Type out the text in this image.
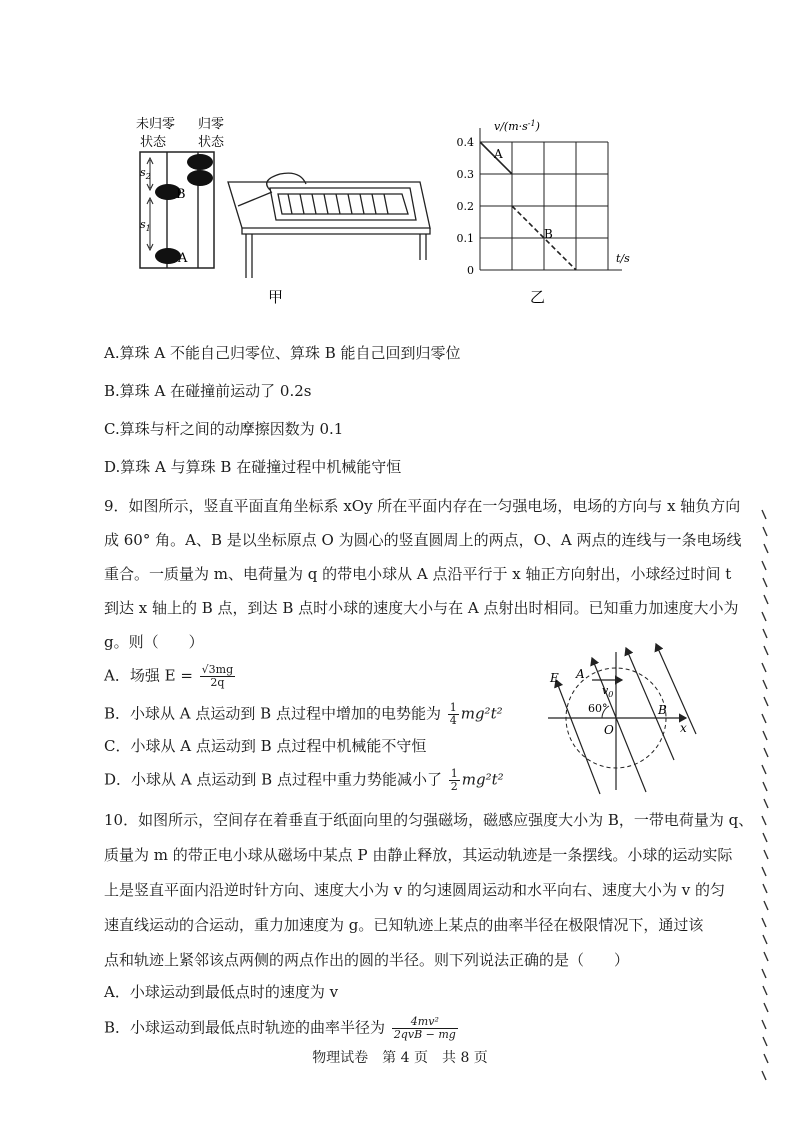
未归零
状态
归零
状态
B
A
$s_2$
$s_1$
甲
$v/(m\cdot s^{-1})$
t/s
0
0.1
0.2
0.3
0.4
A
B
乙
A.算珠 A 不能自己归零位、算珠 B 能自己回到归零位
B.算珠 A 在碰撞前运动了 0.2s
C.算珠与杆之间的动摩擦因数为 0.1
D.算珠 A 与算珠 B 在碰撞过程中机械能守恒
9．如图所示，竖直平面直角坐标系 xOy 所在平面内存在一匀强电场，电场的方向与 x 轴负方向
成 60° 角。A、B 是以坐标原点 O 为圆心的竖直圆周上的两点，O、A 两点的连线与一条电场线
重合。一质量为 m、电荷量为 q 的带电小球从 A 点沿平行于 x 轴正方向射出，小球经过时间 t
到达 x 轴上的 B 点，到达 B 点时小球的速度大小与在 A 点射出时相同。已知重力加速度大小为
g。则（　　）
A．场强 $E = \frac{√3mg}{2q}$
B．小球从 A 点运动到 B 点过程中增加的电势能为 $\frac{1}{4} mg^2t^2$
C．小球从 A 点运动到 B 点过程中机械能不守恒
D．小球从 A 点运动到 B 点过程中重力势能减小了 $\frac{1}{2} mg^2t^2$
E A
$v_0$
60°
O
B
x
10．如图所示，空间存在着垂直于纸面向里的匀强磁场，磁感应强度大小为 B，一带电荷量为 q、
质量为 m 的带正电小球从磁场中某点 P 由静止释放，其运动轨迹是一条摆线。小球的运动实际
上是竖直平面内沿逆时针方向、速度大小为 v 的匀速圆周运动和水平向右、速度大小为 v 的匀
速直线运动的合运动，重力加速度为 g。已知轨迹上某点的曲率半径在极限情况下，通过该
点和轨迹上紧邻该点两侧的两点作出的圆的半径。则下列说法正确的是（　　）
A．小球运动到最低点时的速度为 v
B．小球运动到最低点时轨迹的曲率半径为 $\frac{\text{4mv²}}{\text{2qvB − mg}}$
物理试卷　第 4 页　共 8 页
